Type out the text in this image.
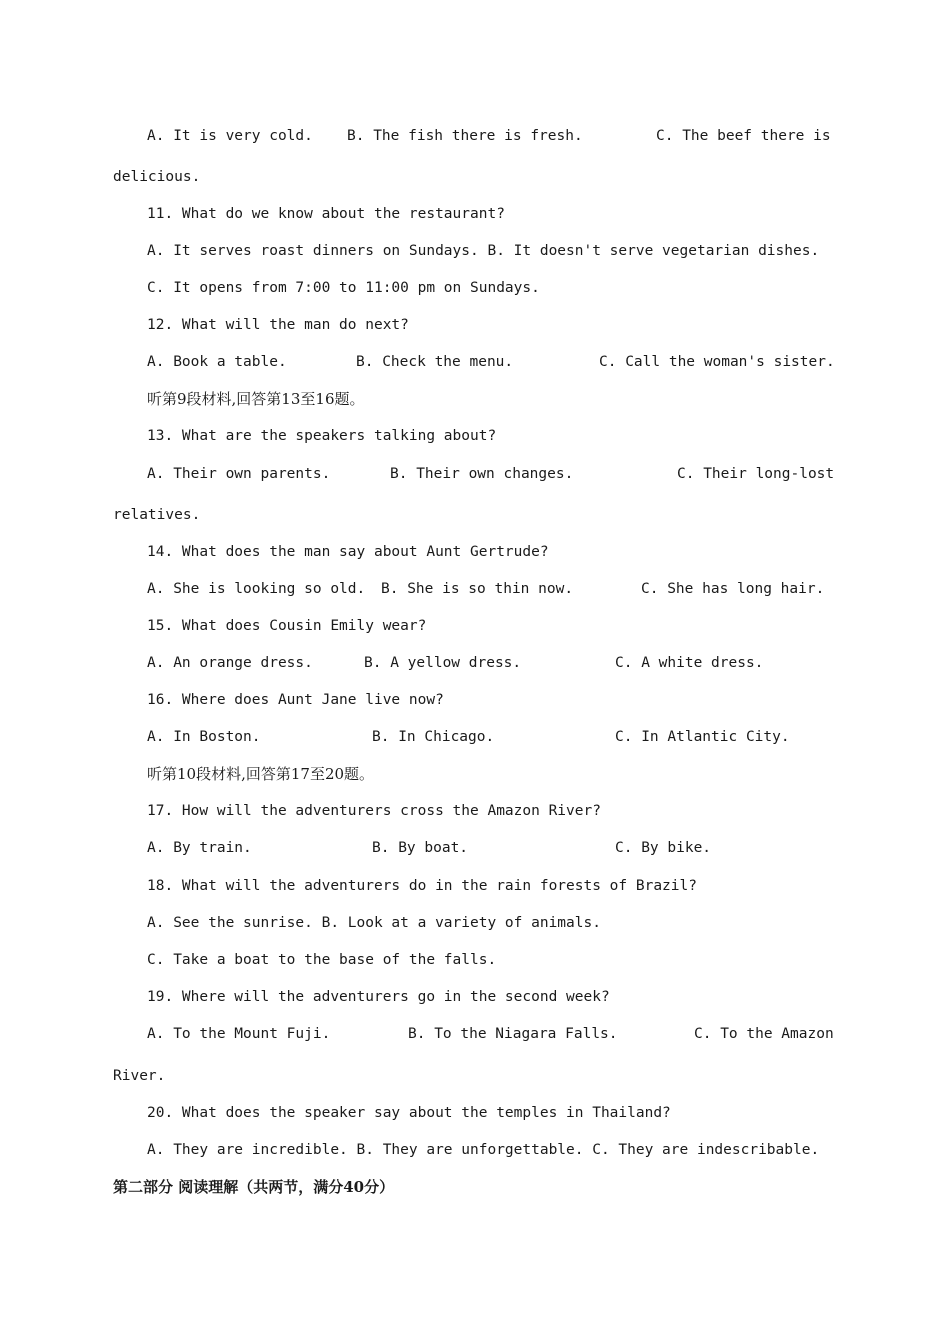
A. It is very cold. B. The fish there is fresh.	C. The beef there is
delicious.
11. What do we know about the restaurant?
A. It serves roast dinners on Sundays. B. It doesn't serve vegetarian dishes.
C. It opens from 7:00 to 11:00 pm on Sundays.
12. What will the man do next?
A. Book a table.	B. Check the menu.	C. Call the woman's sister.
听第9段材料,回答第13至16题。
13. What are the speakers talking about?
A. Their own parents.	B. Their own changes.	C. Their long-lost
relatives.
14. What does the man say about Aunt Gertrude?
A. She is looking so old. B. She is so thin now.	C. She has long hair.
15. What does Cousin Emily wear?
A. An orange dress.	B. A yellow dress.	C. A white dress.
16. Where does Aunt Jane live now?
A. In Boston.	B. In Chicago.	C. In Atlantic City.
听第10段材料,回答第17至20题。
17. How will the adventurers cross the Amazon River?
A. By train.	B. By boat.	C. By bike.
18. What will the adventurers do in the rain forests of Brazil?
A. See the sunrise. B. Look at a variety of animals.
C. Take a boat to the base of the falls.
19. Where will the adventurers go in the second week?
A. To the Mount Fuji.	B. To the Niagara Falls.	C. To the Amazon
River.
20. What does the speaker say about the temples in Thailand?
A. They are incredible. B. They are unforgettable. C. They are indescribable.
第二部分 阅读理解（共两节，满分40分）
